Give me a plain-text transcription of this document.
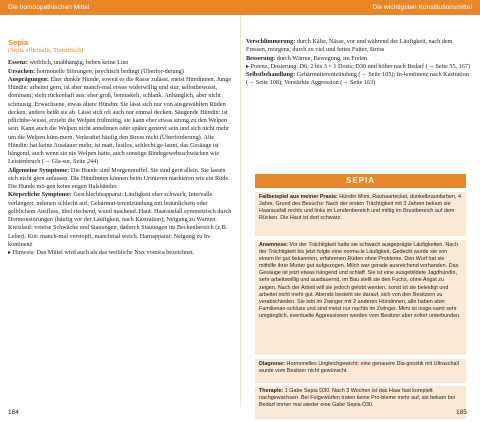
Die homöopathischen Mittel	Die wichtigsten Konstitutionsmittel
Sepia
(Sepia officinalis, Tintenfisch)

Essenz: weiblich, unabhängig, beben keine Lust

Ursachen: hormonelle Störungen, psychisch bedingt (Überfor-derung)

Ausprägungen: Eher dunkle Hunde, soweit es die Rasse zulässt, meist Hündinnen. Junge Hündin: arbeitet gern, ist aber manch-mal etwas widerwillig und stur, selbstbewusst, dominant; sieht rückenhaft aus: eher groß, bemuskelt, schlank. Anhänglich, aber nicht schmusig. Erwachsene, etwas ältere Hündin: Sie lässt sich nur von ausgewählten Rüden decken, andere beißt sie ab. Lässt sich oft auch nur einmal decken. Säugende Hündin: ist pflichtbe-wusst, erzieht die Welpen frühzeitig, sie kann eher etwas streng zu den Welpen sein. Kann auch die Welpen nicht annehmen oder später genervt sein und sich nicht mehr um die Welpen küm-mern. Verkraftet häufig den Stress nicht (Überforderung). Alte Hündin: hat keine Ausdauer mehr, ist matt, lustlos, schlecht ge-launt, das Gesäuge ist hängend, auch wenn sie nie Welpen hatte, auch sonstige Bindegewebsschwächen wie Leistenbruch (→ Gla-sur, Seite 244)

Allgemeine Symptome: Die Hunde sind Morgenmuffel. Sie sind gern allein. Sie lassen sich nicht gern anfassen. Die Hündinnen können beim Urinieren markieren wie ein Rüde. Die Hunde mö-gen keine engen Halsbänder.

Körperliche Symptome: Geschlechtsapparat: Läufigkeit eher schwach, Intervalle verlängert; nehmen schlecht auf; Gebärmut-terentzündung mit bräunlichem oder gelblichem Ausfluss, übel riechend, wund machend. Haut: Haarausfall symmetrisch durch Hormonstörungen (häufig vor der Läufigkeit, nach Kastration); Neigung zu Warzen. Kreislauf: venöse Schwäche und Stauungen, dadurch Stauungen im Beckenbereich (z.B. Leber). Kot: manch-mal verstopft, manchmal weich. Harnapparat: Neigung zu In-kontinenz

▸ Hinweis: Das Mittel wird auch als das weibliche Nux vomica bezeichnet.

Verschlimmerung: durch Kälte, Nässe, vor und während der Läufigkeit, nach dem Fressen, morgens, durch zu viel und fettes Futter, Stress

Besserung: durch Wärme, Bewegung, im Freien

▸ Potenz, Dosierung: D6, 2 bis 3 × 1 Dosis; D30 und höher nach Bedarf (→ Seite 55, 167)

Selbstbehandlung: Gebärmutterentzündung (→ Seite 105); In-kontinenz nach Kastration (→ Seite 108); Verstärkte Aggression (→ Seite 163)

SEPIA
Fallbeispiel aus meiner Praxis: Hündin Mimi, Rauhaarteckel, dunkelbraunfarben, 4 Jahre. Grund des Besuchs: Nach der ersten Trächtigkeit mit 3 Jahren bekam sie Haarausfall rechts und links im Lendenbereich und mittig im Brustbereich auf dem Rücken. Die Haut ist dort schwarz.
Anamnese: Vor der Trächtigkeit hatte sie schwach ausgeprägte Läufigkeiten. Nach der Trächtigkeit bis jetzt folgte eine norma-le Läufigkeit. Gedeckt wurde sie von einem ihr gut bekannten, erfahrenen Rüden ohne Probleme. Den Wurf hat sie mithilfe ihrer Mutter gut aufgezogen. Milch war gerade ausreichend vorhanden. Das Gesäuge ist jetzt etwas hängend und schlaff. Sie ist eine ausgebildete Jagdhündin, sehr arbeitswillig und ausdauernd, im Bau stellt sie den Fuchs, ohne Angst zu zeigen. Nach der Arbeit will sie jedoch gelobt werden, sonst ist sie beleidigt und arbeitet nicht mehr gut. Abends besteht sie darauf, sich von den Besitzern zu verabschieden. Sie lebt im Zwinger mit 2 anderen Hündinnen, alle haben aber Familienan-schluss und sind meist nur nachts im Zwinger. Mimi ist insge-samt sehr umgänglich, eventuelle Aggressionen werden vom Besitzer aber sofort unterbunden.
Diagnose: Hormonelles Ungleichgewicht; eine genauere Dia-gnostik mit Ultraschall wurde vom Besitzer nicht gewünscht.
Therapie: 1 Gabe Sepia D30. Nach 3 Wochen ist das Haar fast komplett nachgewachsen. Bei Folgewürfen traten keine Pro-bleme mehr auf, sie bekam bei Bedarf immer mal wieder eine Gabe Sepia D30.
184	185
